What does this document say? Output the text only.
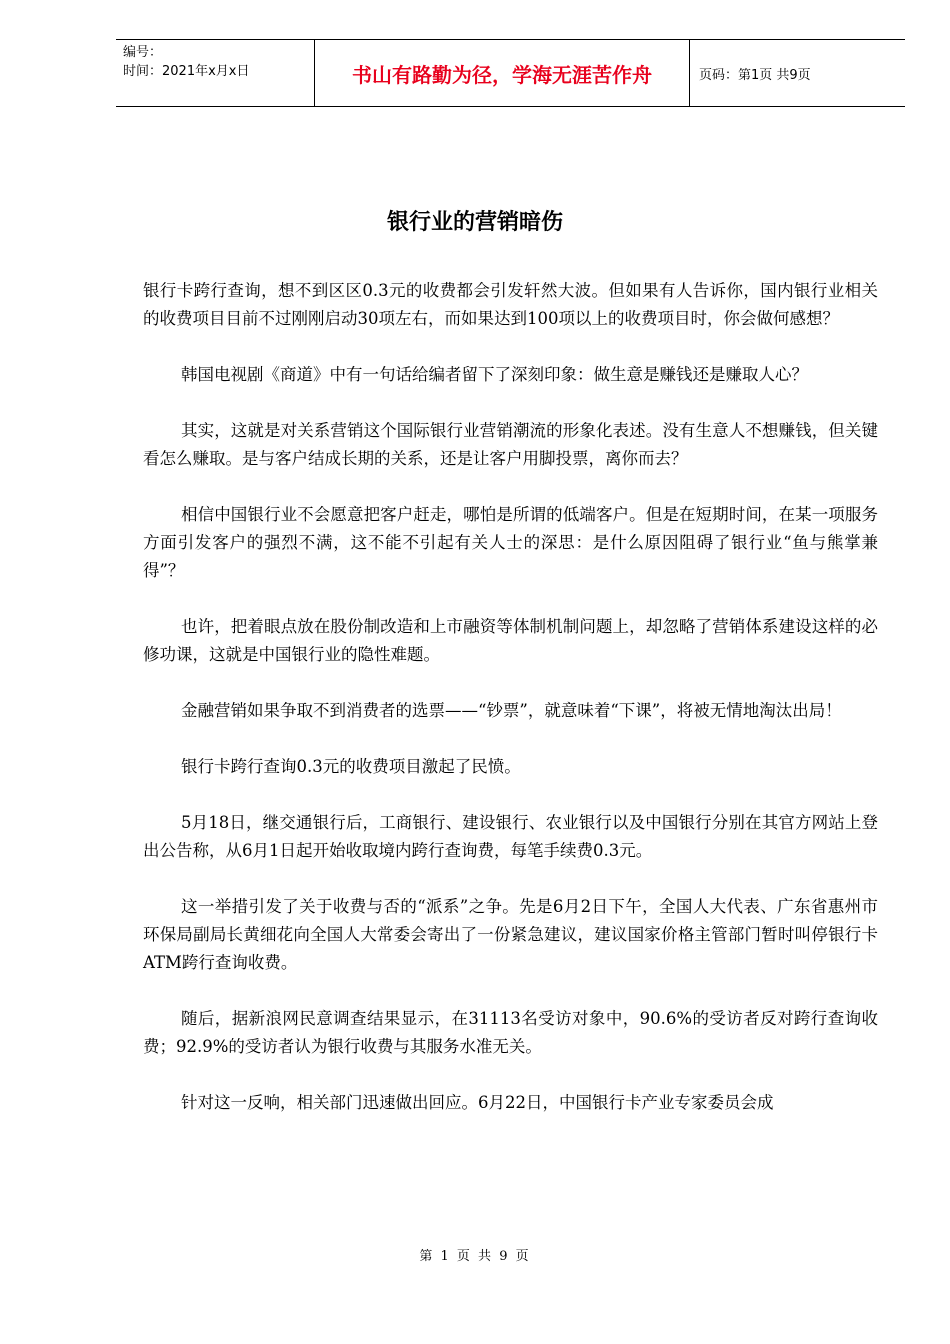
编号：
时间：2021年x月x日	书山有路勤为径，学海无涯苦作舟	页码：第1页 共9页
银行业的营销暗伤

银行卡跨行查询，想不到区区0.3元的收费都会引发轩然大波。但如果有人告诉你，国内银行业相关的收费项目目前不过刚刚启动30项左右，而如果达到100项以上的收费项目时，你会做何感想？

韩国电视剧《商道》中有一句话给编者留下了深刻印象：做生意是赚钱还是赚取人心？

其实，这就是对关系营销这个国际银行业营销潮流的形象化表述。没有生意人不想赚钱，但关键看怎么赚取。是与客户结成长期的关系，还是让客户用脚投票，离你而去？

相信中国银行业不会愿意把客户赶走，哪怕是所谓的低端客户。但是在短期时间，在某一项服务方面引发客户的强烈不满，这不能不引起有关人士的深思：是什么原因阻碍了银行业“鱼与熊掌兼得”？

也许，把着眼点放在股份制改造和上市融资等体制机制问题上，却忽略了营销体系建设这样的必修功课，这就是中国银行业的隐性难题。

金融营销如果争取不到消费者的选票——“钞票”，就意味着“下课”，将被无情地淘汰出局！

银行卡跨行查询0.3元的收费项目激起了民愤。

5月18日，继交通银行后，工商银行、建设银行、农业银行以及中国银行分别在其官方网站上登出公告称，从6月1日起开始收取境内跨行查询费，每笔手续费0.3元。

这一举措引发了关于收费与否的“派系”之争。先是6月2日下午，全国人大代表、广东省惠州市环保局副局长黄细花向全国人大常委会寄出了一份紧急建议，建议国家价格主管部门暂时叫停银行卡ATM跨行查询收费。

随后，据新浪网民意调查结果显示，在31113名受访对象中，90.6%的受访者反对跨行查询收费；92.9%的受访者认为银行收费与其服务水准无关。

针对这一反响，相关部门迅速做出回应。6月22日，中国银行卡产业专家委员会成

第 1 页 共 9 页
